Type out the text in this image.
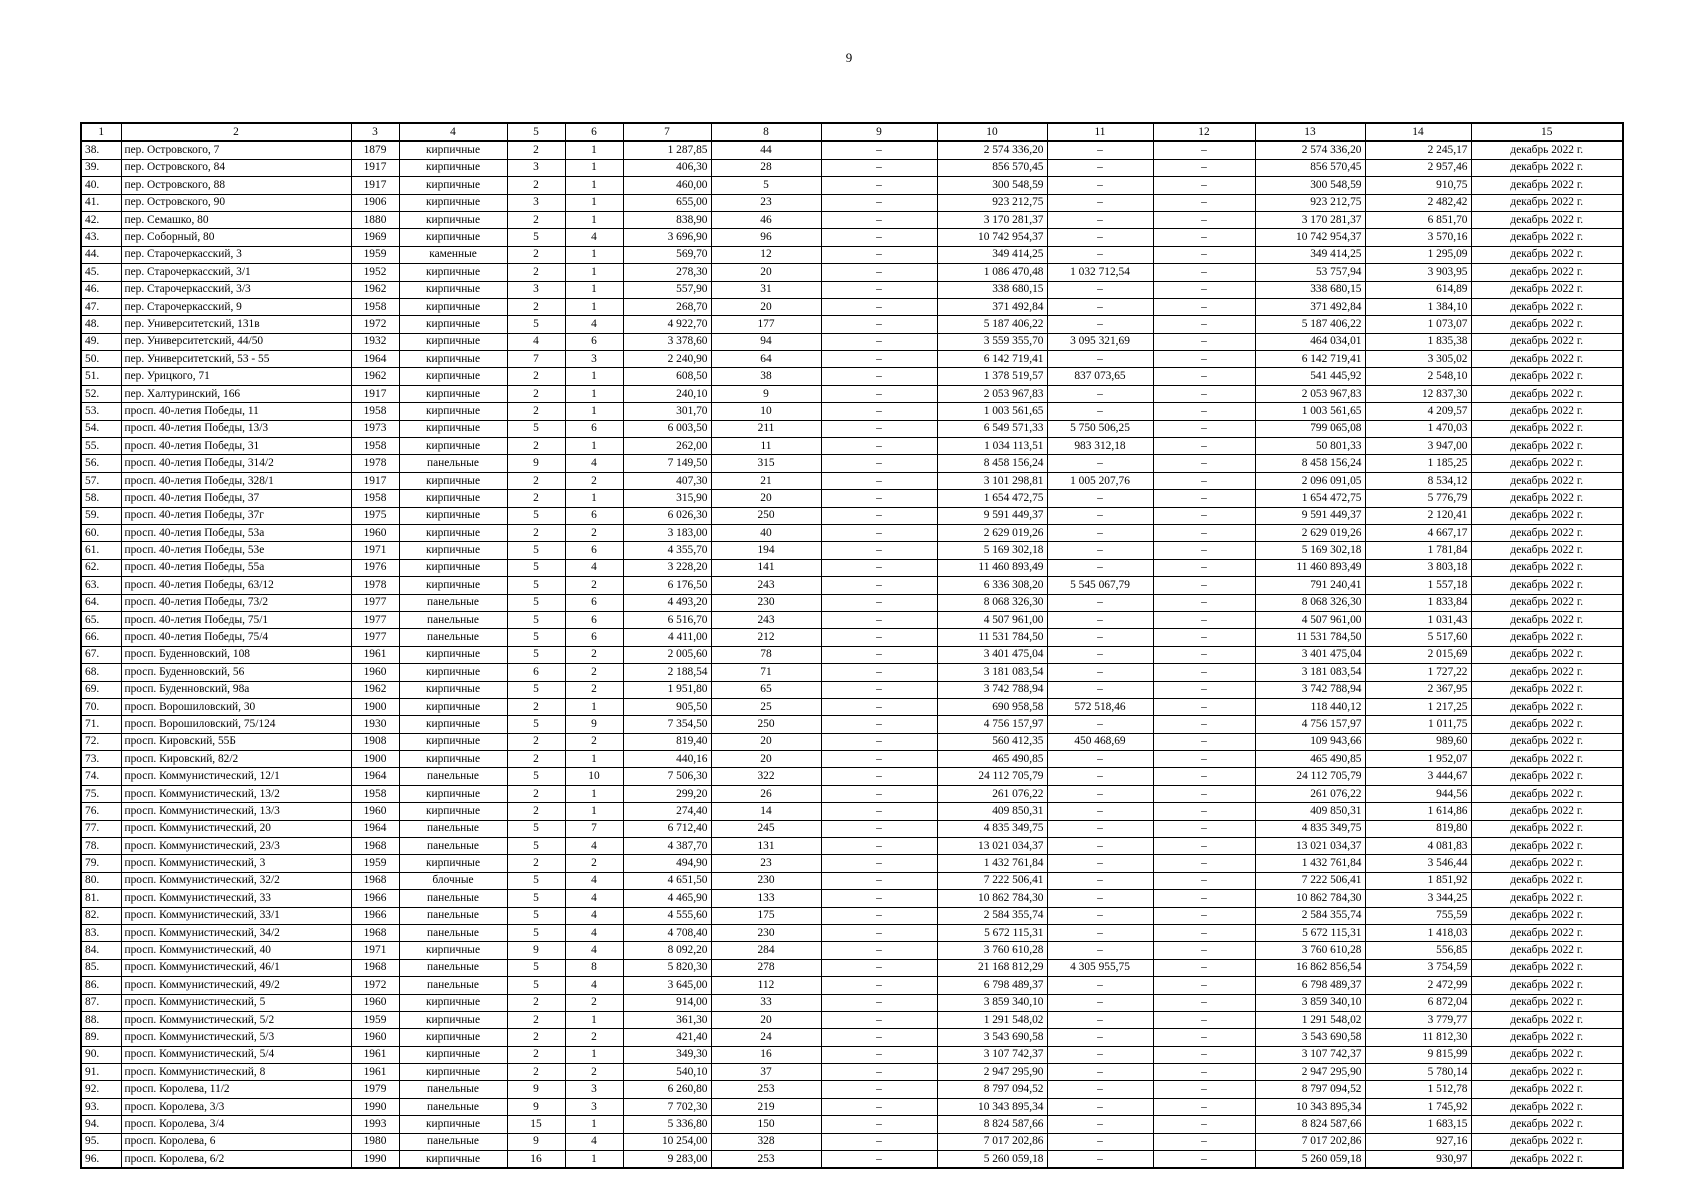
9
1	2	3	4	5	6	7	8	9	10	11	12	13	14	15
38.	пер. Островского, 7	1879	кирпичные	2	1	1 287,85	44	–	2 574 336,20	–	–	2 574 336,20	2 245,17	декабрь 2022 г.
39.	пер. Островского, 84	1917	кирпичные	3	1	406,30	28	–	856 570,45	–	–	856 570,45	2 957,46	декабрь 2022 г.
40.	пер. Островского, 88	1917	кирпичные	2	1	460,00	5	–	300 548,59	–	–	300 548,59	910,75	декабрь 2022 г.
41.	пер. Островского, 90	1906	кирпичные	3	1	655,00	23	–	923 212,75	–	–	923 212,75	2 482,42	декабрь 2022 г.
42.	пер. Семашко, 80	1880	кирпичные	2	1	838,90	46	–	3 170 281,37	–	–	3 170 281,37	6 851,70	декабрь 2022 г.
43.	пер. Соборный, 80	1969	кирпичные	5	4	3 696,90	96	–	10 742 954,37	–	–	10 742 954,37	3 570,16	декабрь 2022 г.
44.	пер. Старочеркасский, 3	1959	каменные	2	1	569,70	12	–	349 414,25	–	–	349 414,25	1 295,09	декабрь 2022 г.
45.	пер. Старочеркасский, 3/1	1952	кирпичные	2	1	278,30	20	–	1 086 470,48	1 032 712,54	–	53 757,94	3 903,95	декабрь 2022 г.
46.	пер. Старочеркасский, 3/3	1962	кирпичные	3	1	557,90	31	–	338 680,15	–	–	338 680,15	614,89	декабрь 2022 г.
47.	пер. Старочеркасский, 9	1958	кирпичные	2	1	268,70	20	–	371 492,84	–	–	371 492,84	1 384,10	декабрь 2022 г.
48.	пер. Университетский, 131в	1972	кирпичные	5	4	4 922,70	177	–	5 187 406,22	–	–	5 187 406,22	1 073,07	декабрь 2022 г.
49.	пер. Университетский, 44/50	1932	кирпичные	4	6	3 378,60	94	–	3 559 355,70	3 095 321,69	–	464 034,01	1 835,38	декабрь 2022 г.
50.	пер. Университетский, 53 - 55	1964	кирпичные	7	3	2 240,90	64	–	6 142 719,41	–	–	6 142 719,41	3 305,02	декабрь 2022 г.
51.	пер. Урицкого, 71	1962	кирпичные	2	1	608,50	38	–	1 378 519,57	837 073,65	–	541 445,92	2 548,10	декабрь 2022 г.
52.	пер. Халтуринский, 166	1917	кирпичные	2	1	240,10	9	–	2 053 967,83	–	–	2 053 967,83	12 837,30	декабрь 2022 г.
53.	просп. 40-летия Победы, 11	1958	кирпичные	2	1	301,70	10	–	1 003 561,65	–	–	1 003 561,65	4 209,57	декабрь 2022 г.
54.	просп. 40-летия Победы, 13/3	1973	кирпичные	5	6	6 003,50	211	–	6 549 571,33	5 750 506,25	–	799 065,08	1 470,03	декабрь 2022 г.
55.	просп. 40-летия Победы, 31	1958	кирпичные	2	1	262,00	11	–	1 034 113,51	983 312,18	–	50 801,33	3 947,00	декабрь 2022 г.
56.	просп. 40-летия Победы, 314/2	1978	панельные	9	4	7 149,50	315	–	8 458 156,24	–	–	8 458 156,24	1 185,25	декабрь 2022 г.
57.	просп. 40-летия Победы, 328/1	1917	кирпичные	2	2	407,30	21	–	3 101 298,81	1 005 207,76	–	2 096 091,05	8 534,12	декабрь 2022 г.
58.	просп. 40-летия Победы, 37	1958	кирпичные	2	1	315,90	20	–	1 654 472,75	–	–	1 654 472,75	5 776,79	декабрь 2022 г.
59.	просп. 40-летия Победы, 37г	1975	кирпичные	5	6	6 026,30	250	–	9 591 449,37	–	–	9 591 449,37	2 120,41	декабрь 2022 г.
60.	просп. 40-летия Победы, 53а	1960	кирпичные	2	2	3 183,00	40	–	2 629 019,26	–	–	2 629 019,26	4 667,17	декабрь 2022 г.
61.	просп. 40-летия Победы, 53е	1971	кирпичные	5	6	4 355,70	194	–	5 169 302,18	–	–	5 169 302,18	1 781,84	декабрь 2022 г.
62.	просп. 40-летия Победы, 55а	1976	кирпичные	5	4	3 228,20	141	–	11 460 893,49	–	–	11 460 893,49	3 803,18	декабрь 2022 г.
63.	просп. 40-летия Победы, 63/12	1978	кирпичные	5	2	6 176,50	243	–	6 336 308,20	5 545 067,79	–	791 240,41	1 557,18	декабрь 2022 г.
64.	просп. 40-летия Победы, 73/2	1977	панельные	5	6	4 493,20	230	–	8 068 326,30	–	–	8 068 326,30	1 833,84	декабрь 2022 г.
65.	просп. 40-летия Победы, 75/1	1977	панельные	5	6	6 516,70	243	–	4 507 961,00	–	–	4 507 961,00	1 031,43	декабрь 2022 г.
66.	просп. 40-летия Победы, 75/4	1977	панельные	5	6	4 411,00	212	–	11 531 784,50	–	–	11 531 784,50	5 517,60	декабрь 2022 г.
67.	просп. Буденновский, 108	1961	кирпичные	5	2	2 005,60	78	–	3 401 475,04	–	–	3 401 475,04	2 015,69	декабрь 2022 г.
68.	просп. Буденновский, 56	1960	кирпичные	6	2	2 188,54	71	–	3 181 083,54	–	–	3 181 083,54	1 727,22	декабрь 2022 г.
69.	просп. Буденновский, 98а	1962	кирпичные	5	2	1 951,80	65	–	3 742 788,94	–	–	3 742 788,94	2 367,95	декабрь 2022 г.
70.	просп. Ворошиловский, 30	1900	кирпичные	2	1	905,50	25	–	690 958,58	572 518,46	–	118 440,12	1 217,25	декабрь 2022 г.
71.	просп. Ворошиловский, 75/124	1930	кирпичные	5	9	7 354,50	250	–	4 756 157,97	–	–	4 756 157,97	1 011,75	декабрь 2022 г.
72.	просп. Кировский, 55Б	1908	кирпичные	2	2	819,40	20	–	560 412,35	450 468,69	–	109 943,66	989,60	декабрь 2022 г.
73.	просп. Кировский, 82/2	1900	кирпичные	2	1	440,16	20	–	465 490,85	–	–	465 490,85	1 952,07	декабрь 2022 г.
74.	просп. Коммунистический, 12/1	1964	панельные	5	10	7 506,30	322	–	24 112 705,79	–	–	24 112 705,79	3 444,67	декабрь 2022 г.
75.	просп. Коммунистический, 13/2	1958	кирпичные	2	1	299,20	26	–	261 076,22	–	–	261 076,22	944,56	декабрь 2022 г.
76.	просп. Коммунистический, 13/3	1960	кирпичные	2	1	274,40	14	–	409 850,31	–	–	409 850,31	1 614,86	декабрь 2022 г.
77.	просп. Коммунистический, 20	1964	панельные	5	7	6 712,40	245	–	4 835 349,75	–	–	4 835 349,75	819,80	декабрь 2022 г.
78.	просп. Коммунистический, 23/3	1968	панельные	5	4	4 387,70	131	–	13 021 034,37	–	–	13 021 034,37	4 081,83	декабрь 2022 г.
79.	просп. Коммунистический, 3	1959	кирпичные	2	2	494,90	23	–	1 432 761,84	–	–	1 432 761,84	3 546,44	декабрь 2022 г.
80.	просп. Коммунистический, 32/2	1968	блочные	5	4	4 651,50	230	–	7 222 506,41	–	–	7 222 506,41	1 851,92	декабрь 2022 г.
81.	просп. Коммунистический, 33	1966	панельные	5	4	4 465,90	133	–	10 862 784,30	–	–	10 862 784,30	3 344,25	декабрь 2022 г.
82.	просп. Коммунистический, 33/1	1966	панельные	5	4	4 555,60	175	–	2 584 355,74	–	–	2 584 355,74	755,59	декабрь 2022 г.
83.	просп. Коммунистический, 34/2	1968	панельные	5	4	4 708,40	230	–	5 672 115,31	–	–	5 672 115,31	1 418,03	декабрь 2022 г.
84.	просп. Коммунистический, 40	1971	кирпичные	9	4	8 092,20	284	–	3 760 610,28	–	–	3 760 610,28	556,85	декабрь 2022 г.
85.	просп. Коммунистический, 46/1	1968	панельные	5	8	5 820,30	278	–	21 168 812,29	4 305 955,75	–	16 862 856,54	3 754,59	декабрь 2022 г.
86.	просп. Коммунистический, 49/2	1972	панельные	5	4	3 645,00	112	–	6 798 489,37	–	–	6 798 489,37	2 472,99	декабрь 2022 г.
87.	просп. Коммунистический, 5	1960	кирпичные	2	2	914,00	33	–	3 859 340,10	–	–	3 859 340,10	6 872,04	декабрь 2022 г.
88.	просп. Коммунистический, 5/2	1959	кирпичные	2	1	361,30	20	–	1 291 548,02	–	–	1 291 548,02	3 779,77	декабрь 2022 г.
89.	просп. Коммунистический, 5/3	1960	кирпичные	2	2	421,40	24	–	3 543 690,58	–	–	3 543 690,58	11 812,30	декабрь 2022 г.
90.	просп. Коммунистический, 5/4	1961	кирпичные	2	1	349,30	16	–	3 107 742,37	–	–	3 107 742,37	9 815,99	декабрь 2022 г.
91.	просп. Коммунистический, 8	1961	кирпичные	2	2	540,10	37	–	2 947 295,90	–	–	2 947 295,90	5 780,14	декабрь 2022 г.
92.	просп. Королева, 11/2	1979	панельные	9	3	6 260,80	253	–	8 797 094,52	–	–	8 797 094,52	1 512,78	декабрь 2022 г.
93.	просп. Королева, 3/3	1990	панельные	9	3	7 702,30	219	–	10 343 895,34	–	–	10 343 895,34	1 745,92	декабрь 2022 г.
94.	просп. Королева, 3/4	1993	кирпичные	15	1	5 336,80	150	–	8 824 587,66	–	–	8 824 587,66	1 683,15	декабрь 2022 г.
95.	просп. Королева, 6	1980	панельные	9	4	10 254,00	328	–	7 017 202,86	–	–	7 017 202,86	927,16	декабрь 2022 г.
96.	просп. Королева, 6/2	1990	кирпичные	16	1	9 283,00	253	–	5 260 059,18	–	–	5 260 059,18	930,97	декабрь 2022 г.
